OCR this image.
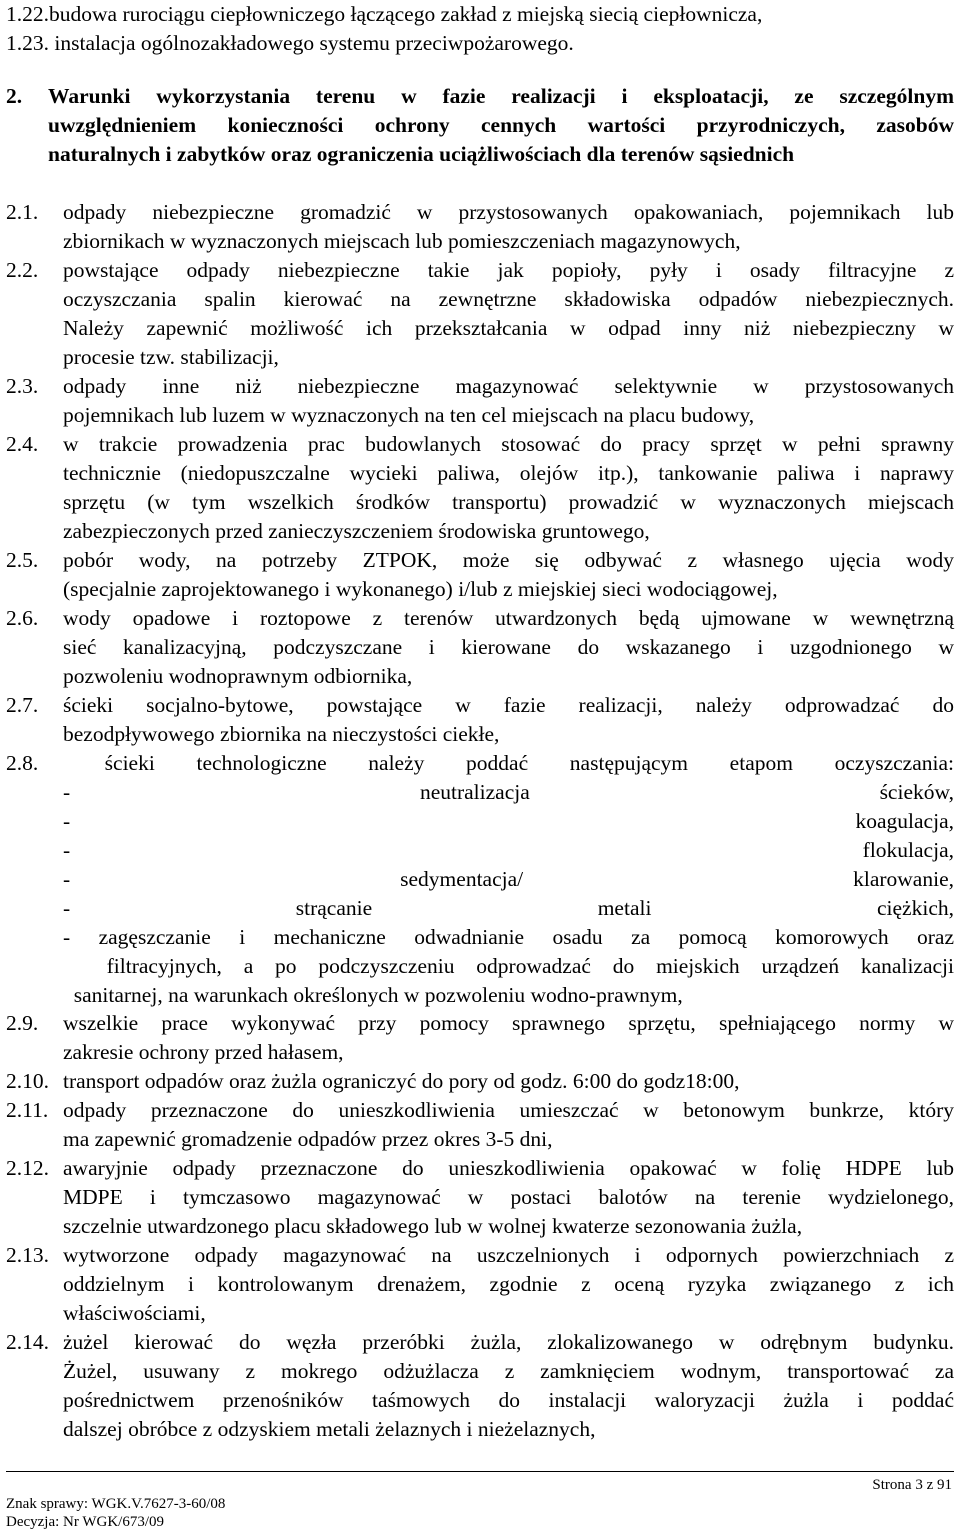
1.22.budowa rurociągu ciepłowniczego łączącego zakład z miejską siecią ciepłownicza,
1.23. instalacja ogólnozakładowego systemu przeciwpożarowego.
2. Warunki wykorzystania terenu w fazie realizacji i eksploatacji, ze szczególnym
uwzględnieniem konieczności ochrony cennych wartości przyrodniczych, zasobów
naturalnych i zabytków oraz ograniczenia uciążliwościach dla terenów sąsiednich
2.1. odpady niebezpieczne gromadzić w przystosowanych opakowaniach, pojemnikach lub
zbiornikach w wyznaczonych miejscach lub pomieszczeniach magazynowych,
2.2. powstające odpady niebezpieczne takie jak popioły, pyły i osady filtracyjne z
oczyszczania spalin kierować na zewnętrzne składowiska odpadów niebezpiecznych.
Należy zapewnić możliwość ich przekształcania w odpad inny niż niebezpieczny w
procesie tzw. stabilizacji,
2.3. odpady inne niż niebezpieczne magazynować selektywnie w przystosowanych
pojemnikach lub luzem w wyznaczonych na ten cel miejscach na placu budowy,
2.4. w trakcie prowadzenia prac budowlanych stosować do pracy sprzęt w pełni sprawny
technicznie (niedopuszczalne wycieki paliwa, olejów itp.), tankowanie paliwa i naprawy
sprzętu (w tym wszelkich środków transportu) prowadzić w wyznaczonych miejscach
zabezpieczonych przed zanieczyszczeniem środowiska gruntowego,
2.5. pobór wody, na potrzeby ZTPOK, może się odbywać z własnego ujęcia wody
(specjalnie zaprojektowanego i wykonanego) i/lub z miejskiej sieci wodociągowej,
2.6. wody opadowe i roztopowe z terenów utwardzonych będą ujmowane w wewnętrzną
sieć kanalizacyjną, podczyszczane i kierowane do wskazanego i uzgodnionego w
pozwoleniu wodnoprawnym odbiornika,
2.7. ścieki socjalno-bytowe, powstające w fazie realizacji, należy odprowadzać do
bezodpływowego zbiornika na nieczystości ciekłe,
2.8. ścieki technologiczne należy poddać następującym etapom oczyszczania:
- neutralizacja ścieków,
- koagulacja,
- flokulacja,
- sedymentacja/ klarowanie,
- strącanie metali ciężkich,
- zagęszczanie i mechaniczne odwadnianie osadu za pomocą komorowych oraz
filtracyjnych, a po podczyszczeniu odprowadzać do miejskich urządzeń kanalizacji
sanitarnej, na warunkach określonych w pozwoleniu wodno-prawnym,
2.9. wszelkie prace wykonywać przy pomocy sprawnego sprzętu, spełniającego normy w
zakresie ochrony przed hałasem,
2.10. transport odpadów oraz żużla ograniczyć do pory od godz. 6:00 do godz18:00,
2.11. odpady przeznaczone do unieszkodliwienia umieszczać w betonowym bunkrze, który
ma zapewnić gromadzenie odpadów przez okres 3-5 dni,
2.12. awaryjnie odpady przeznaczone do unieszkodliwienia opakować w folię HDPE lub
MDPE i tymczasowo magazynować w postaci balotów na terenie wydzielonego,
szczelnie utwardzonego placu składowego lub w wolnej kwaterze sezonowania żużla,
2.13. wytworzone odpady magazynować na uszczelnionych i odpornych powierzchniach z
oddzielnym i kontrolowanym drenażem, zgodnie z oceną ryzyka związanego z ich
właściwościami,
2.14. żużel kierować do węzła przeróbki żużla, zlokalizowanego w odrębnym budynku.
Żużel, usuwany z mokrego odżużlacza z zamknięciem wodnym, transportować za
pośrednictwem przenośników taśmowych do instalacji waloryzacji żużla i poddać
dalszej obróbce z odzyskiem metali żelaznych i nieżelaznych,
Strona 3 z 91
Znak sprawy: WGK.V.7627-3-60/08
Decyzja: Nr WGK/673/09
